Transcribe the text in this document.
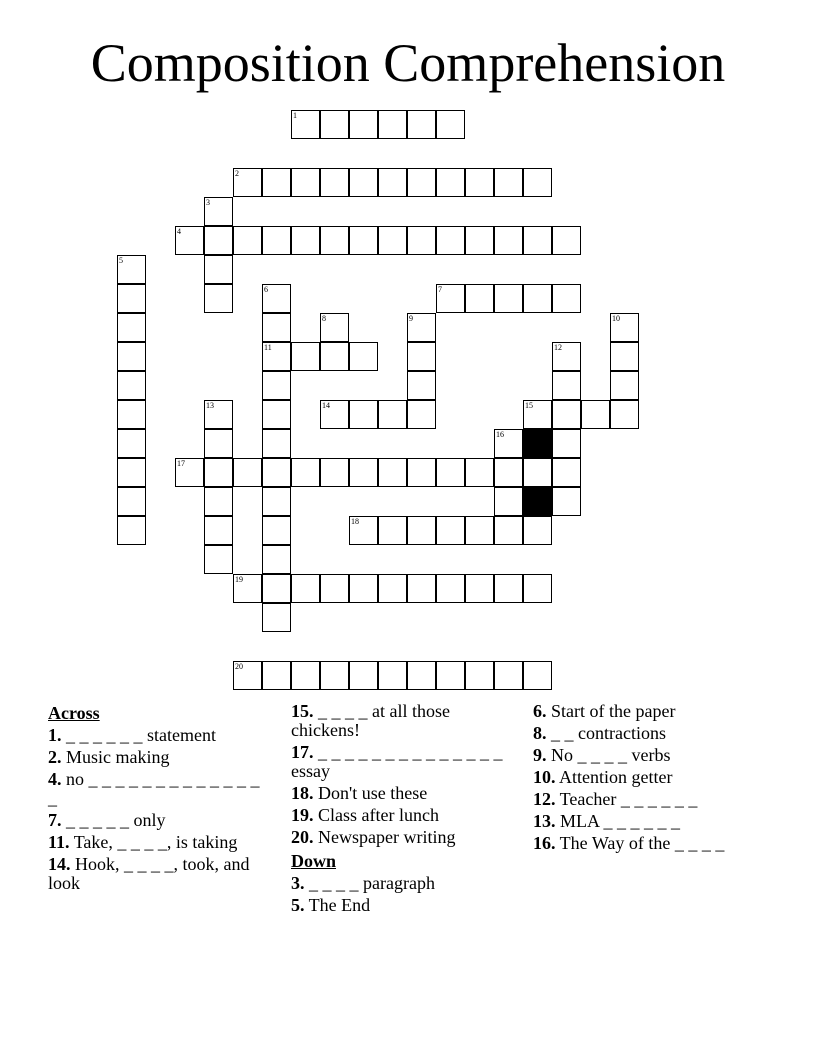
Composition Comprehension
1
2
3
4
5
6	7
8	9	10
11	12
13	14	15
16
17
18
19
20
Across
1. _ _ _ _ _ _ statement
2. Music making
4. no _ _ _ _ _ _ _ _ _ _ _ _ _ _
7. _ _ _ _ _ only
11. Take, _ _ _ _, is taking
14. Hook, _ _ _ _, took, and look
15. _ _ _ _ at all those chickens!
17. _ _ _ _ _ _ _ _ _ _ _ _ _ _ essay
18. Don't use these
19. Class after lunch
20. Newspaper writing
Down
3. _ _ _ _ paragraph
5. The End
6. Start of the paper
8. _ _ contractions
9. No _ _ _ _ verbs
10. Attention getter
12. Teacher _ _ _ _ _ _
13. MLA _ _ _ _ _ _
16. The Way of the _ _ _ _
